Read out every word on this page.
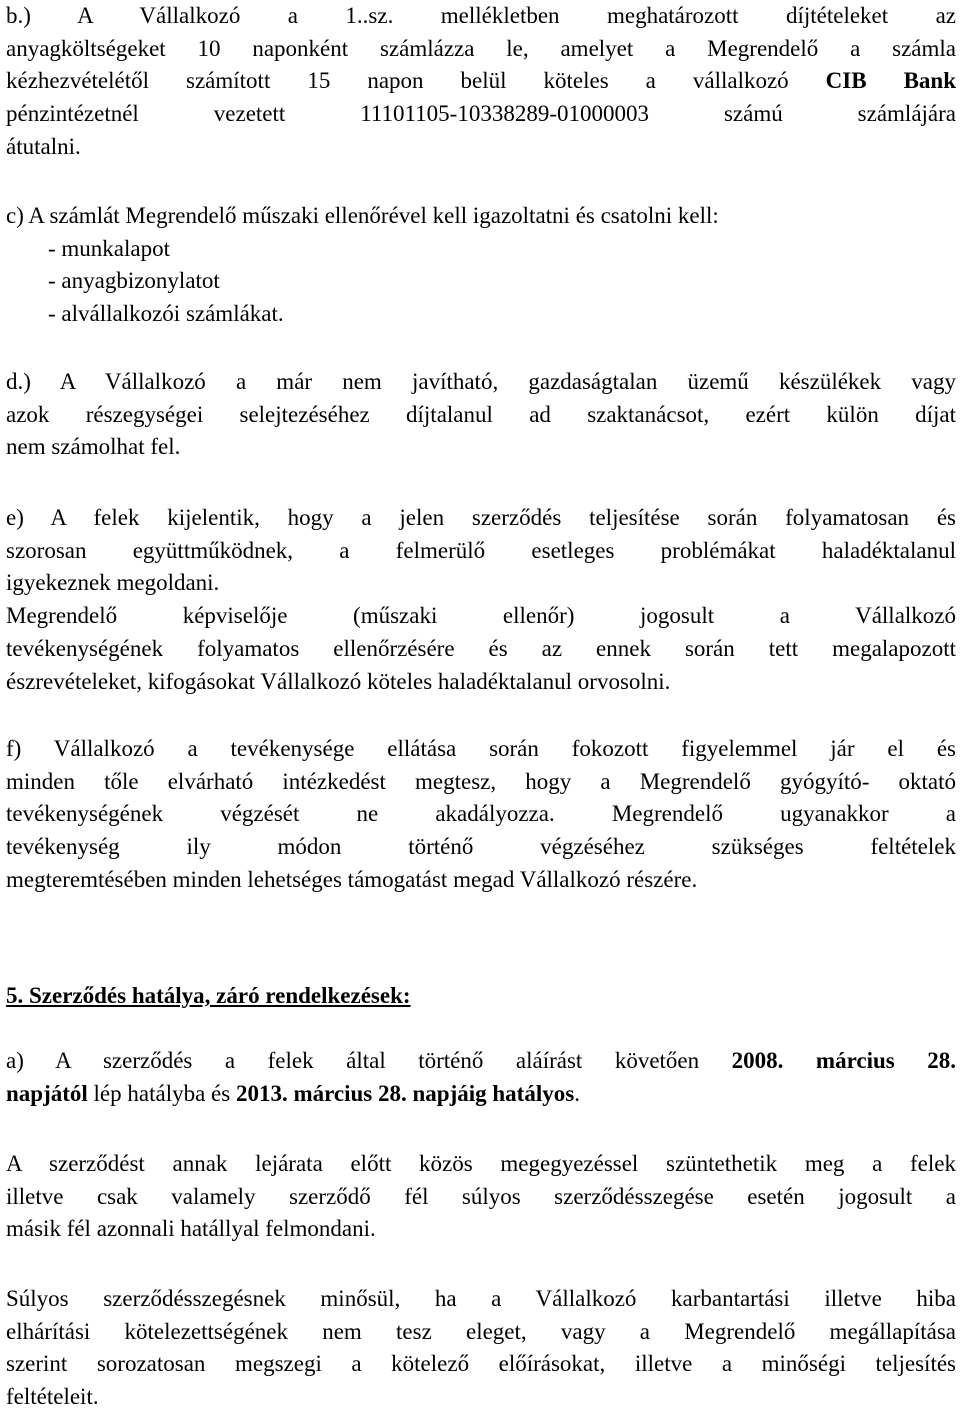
b.) A Vállalkozó a 1..sz. mellékletben meghatározott díjtételeket az
anyagköltségeket 10 naponként számlázza le, amelyet a Megrendelő a számla
kézhezvételétől számított 15 napon belül köteles a vállalkozó CIB Bank
pénzintézetnél vezetett 11101105-10338289-01000003 számú számlájára
átutalni.
c) A számlát Megrendelő műszaki ellenőrével kell igazoltatni és csatolni kell:
- munkalapot
- anyagbizonylatot
- alvállalkozói számlákat.
d.) A Vállalkozó a már nem javítható, gazdaságtalan üzemű készülékek vagy
azok részegységei selejtezéséhez díjtalanul ad szaktanácsot, ezért külön díjat
nem számolhat fel.
e) A felek kijelentik, hogy a jelen szerződés teljesítése során folyamatosan és
szorosan együttműködnek, a felmerülő esetleges problémákat haladéktalanul
igyekeznek megoldani.
Megrendelő képviselője (műszaki ellenőr) jogosult a Vállalkozó
tevékenységének folyamatos ellenőrzésére és az ennek során tett megalapozott
észrevételeket, kifogásokat Vállalkozó köteles haladéktalanul orvosolni.
f) Vállalkozó a tevékenysége ellátása során fokozott figyelemmel jár el és
minden tőle elvárható intézkedést megtesz, hogy a Megrendelő gyógyító- oktató
tevékenységének végzését ne akadályozza. Megrendelő ugyanakkor a
tevékenység ily módon történő végzéséhez szükséges feltételek
megteremtésében minden lehetséges támogatást megad Vállalkozó részére.
5. Szerződés hatálya, záró rendelkezések:
a) A szerződés a felek által történő aláírást követően 2008. március 28.
napjától lép hatályba és 2013. március 28. napjáig hatályos.
A szerződést annak lejárata előtt közös megegyezéssel szüntethetik meg a felek
illetve csak valamely szerződő fél súlyos szerződésszegése esetén jogosult a
másik fél azonnali hatállyal felmondani.
Súlyos szerződésszegésnek minősül, ha a Vállalkozó karbantartási illetve hiba
elhárítási kötelezettségének nem tesz eleget, vagy a Megrendelő megállapítása
szerint sorozatosan megszegi a kötelező előírásokat, illetve a minőségi teljesítés
feltételeit.
